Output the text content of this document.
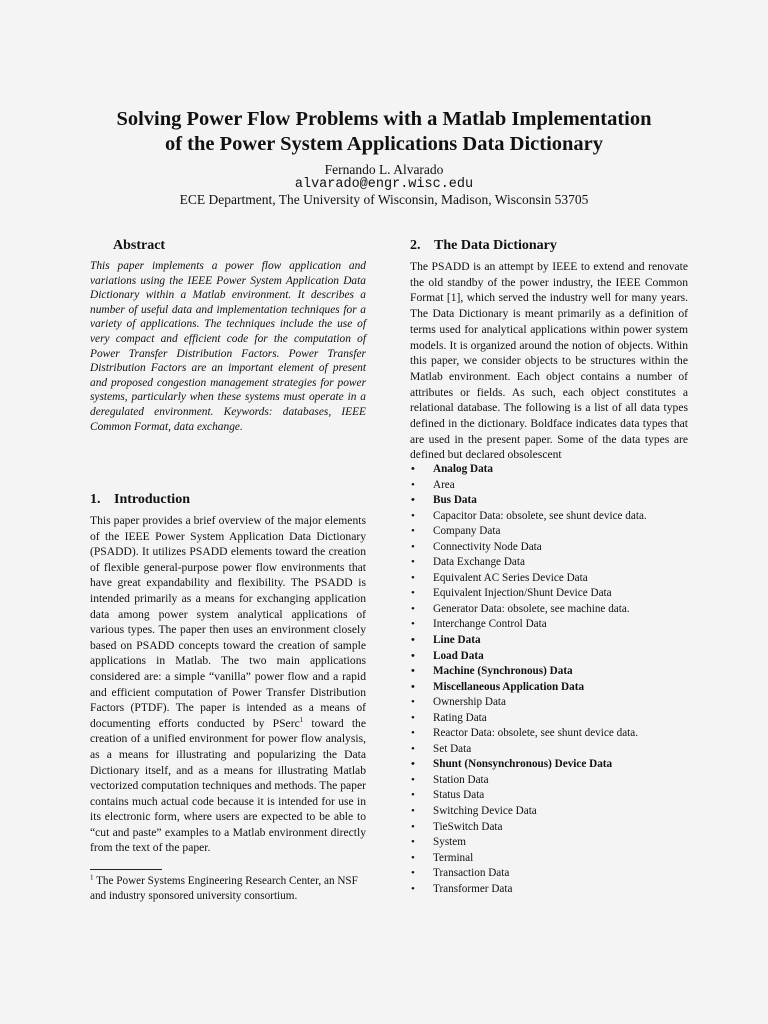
Solving Power Flow Problems with a Matlab Implementation
of the Power System Applications Data Dictionary
Fernando L. Alvarado
alvarado@engr.wisc.edu
ECE Department, The University of Wisconsin, Madison, Wisconsin 53705
Abstract
This paper implements a power flow application and variations using the IEEE Power System Application Data Dictionary within a Matlab environment. It describes a number of useful data and implementation techniques for a variety of applications. The techniques include the use of very compact and efficient code for the computation of Power Transfer Distribution Factors. Power Transfer Distribution Factors are an important element of present and proposed congestion management strategies for power systems, particularly when these systems must operate in a deregulated environment. Keywords: databases, IEEE Common Format, data exchange.
1. Introduction
This paper provides a brief overview of the major elements of the IEEE Power System Application Data Dictionary (PSADD). It utilizes PSADD elements toward the creation of flexible general-purpose power flow environments that have great expandability and flexibility. The PSADD is intended primarily as a means for exchanging application data among power system analytical applications of various types. The paper then uses an environment closely based on PSADD concepts toward the creation of sample applications in Matlab. The two main applications considered are: a simple “vanilla” power flow and a rapid and efficient computation of Power Transfer Distribution Factors (PTDF). The paper is intended as a means of documenting efforts conducted by PSerc$^1$ toward the creation of a unified environment for power flow analysis, as a means for illustrating and popularizing the Data Dictionary itself, and as a means for illustrating Matlab vectorized computation techniques and methods. The paper contains much actual code because it is intended for use in its electronic form, where users are expected to be able to “cut and paste” examples to a Matlab environment directly from the text of the paper.
$^1$ The Power Systems Engineering Research Center, an NSF and industry sponsored university consortium.
2. The Data Dictionary
The PSADD is an attempt by IEEE to extend and renovate the old standby of the power industry, the IEEE Common Format [1], which served the industry well for many years. The Data Dictionary is meant primarily as a definition of terms used for analytical applications within power system models. It is organized around the notion of objects. Within this paper, we consider objects to be structures within the Matlab environment. Each object contains a number of attributes or fields. As such, each object constitutes a relational database. The following is a list of all data types defined in the dictionary. Boldface indicates data types that are used in the present paper. Some of the data types are defined but declared obsolescent
• Analog Data
• Area
• Bus Data
• Capacitor Data: obsolete, see shunt device data.
• Company Data
• Connectivity Node Data
• Data Exchange Data
• Equivalent AC Series Device Data
• Equivalent Injection/Shunt Device Data
• Generator Data: obsolete, see machine data.
• Interchange Control Data
• Line Data
• Load Data
• Machine (Synchronous) Data
• Miscellaneous Application Data
• Ownership Data
• Rating Data
• Reactor Data: obsolete, see shunt device data.
• Set Data
• Shunt (Nonsynchronous) Device Data
• Station Data
• Status Data
• Switching Device Data
• TieSwitch Data
• System
• Terminal
• Transaction Data
• Transformer Data
